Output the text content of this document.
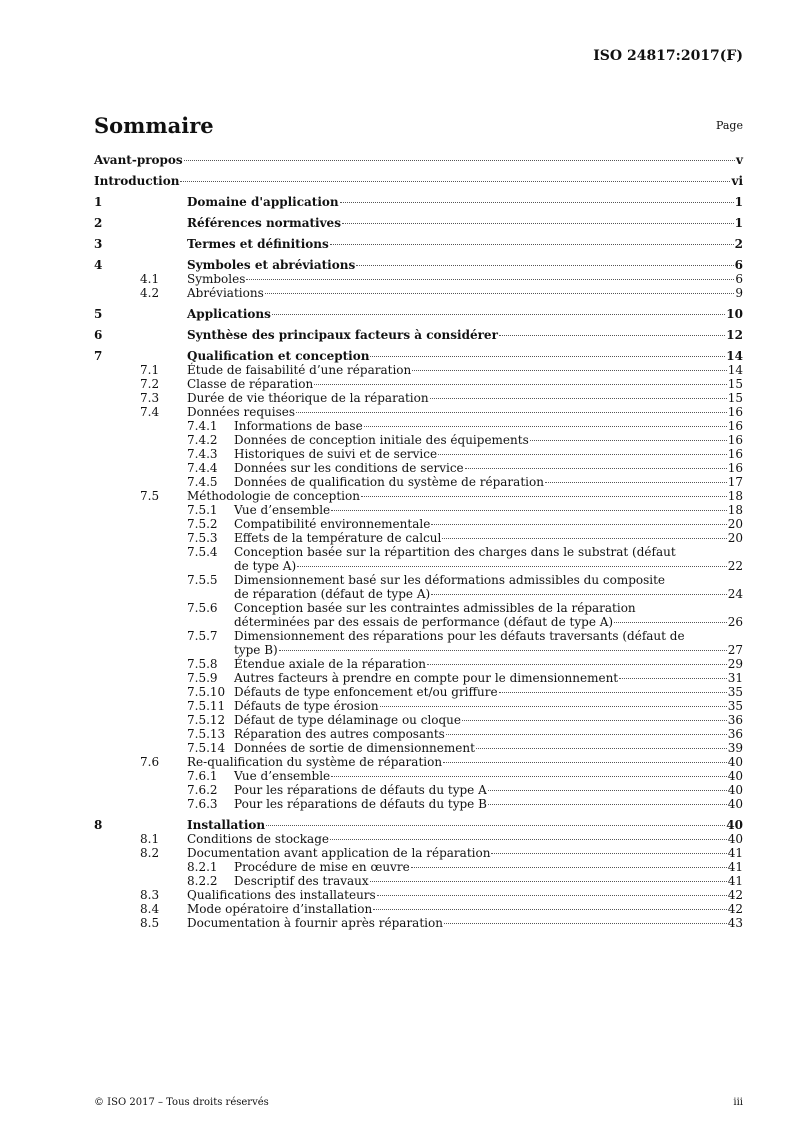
ISO 24817:2017(F)
Sommaire	Page
Avant-propos	v
Introduction	vi
1	Domaine d'application	1
2	Références normatives	1
3	Termes et définitions	2
4	Symboles et abréviations	6
4.1	Symboles	6
4.2	Abréviations	9
5	Applications	10
6	Synthèse des principaux facteurs à considérer	12
7	Qualification et conception	14
7.1	Étude de faisabilité d’une réparation	14
7.2	Classe de réparation	15
7.3	Durée de vie théorique de la réparation	15
7.4	Données requises	16
7.4.1	Informations de base	16
7.4.2	Données de conception initiale des équipements	16
7.4.3	Historiques de suivi et de service	16
7.4.4	Données sur les conditions de service	16
7.4.5	Données de qualification du système de réparation	17
7.5	Méthodologie de conception	18
7.5.1	Vue d’ensemble	18
7.5.2	Compatibilité environnementale	20
7.5.3	Effets de la température de calcul	20
7.5.4	Conception basée sur la répartition des charges dans le substrat (défaut
de type A)	22
7.5.5	Dimensionnement basé sur les déformations admissibles du composite
de réparation (défaut de type A)	24
7.5.6	Conception basée sur les contraintes admissibles de la réparation
déterminées par des essais de performance (défaut de type A)	26
7.5.7	Dimensionnement des réparations pour les défauts traversants (défaut de
type B)	27
7.5.8	Étendue axiale de la réparation	29
7.5.9	Autres facteurs à prendre en compte pour le dimensionnement	31
7.5.10 Défauts de type enfoncement et/ou griffure	35
7.5.11 Défauts de type érosion	35
7.5.12 Défaut de type délaminage ou cloque	36
7.5.13 Réparation des autres composants	36
7.5.14 Données de sortie de dimensionnement	39
7.6	Re-qualification du système de réparation	40
7.6.1	Vue d’ensemble	40
7.6.2	Pour les réparations de défauts du type A	40
7.6.3	Pour les réparations de défauts du type B	40
8	Installation	40
8.1	Conditions de stockage	40
8.2	Documentation avant application de la réparation	41
8.2.1	Procédure de mise en œuvre	41
8.2.2	Descriptif des travaux	41
8.3	Qualifications des installateurs	42
8.4	Mode opératoire d’installation	42
8.5	Documentation à fournir après réparation	43
© ISO 2017 – Tous droits réservés	iii
